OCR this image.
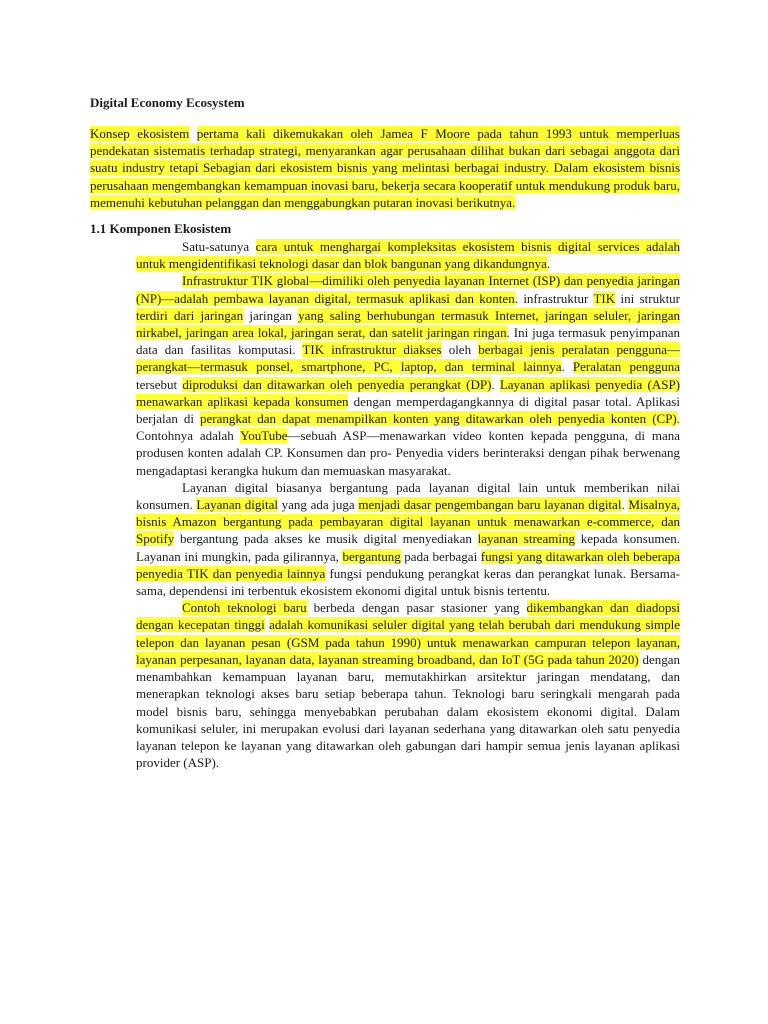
Digital Economy Ecosystem

Konsep ekosistem pertama kali dikemukakan oleh Jamea F Moore pada tahun 1993 untuk memperluas pendekatan sistematis terhadap strategi, menyarankan agar perusahaan dilihat bukan dari sebagai anggota dari suatu industry tetapi Sebagian dari ekosistem bisnis yang melintasi berbagai industry. Dalam ekosistem bisnis perusahaan mengembangkan kemampuan inovasi baru, bekerja secara kooperatif untuk mendukung produk baru, memenuhi kebutuhan pelanggan dan menggabungkan putaran inovasi berikutnya.

1.1 Komponen Ekosistem

Satu-satunya cara untuk menghargai kompleksitas ekosistem bisnis digital services adalah untuk mengidentifikasi teknologi dasar dan blok bangunan yang dikandungnya.

Infrastruktur TIK global—dimiliki oleh penyedia layanan Internet (ISP) dan penyedia jaringan (NP)—adalah pembawa layanan digital, termasuk aplikasi dan konten. infrastruktur TIK ini struktur terdiri dari jaringan jaringan yang saling berhubungan termasuk Internet, jaringan seluler, jaringan nirkabel, jaringan area lokal, jaringan serat, dan satelit jaringan ringan. Ini juga termasuk penyimpanan data dan fasilitas komputasi. TIK infrastruktur diakses oleh berbagai jenis peralatan pengguna—perangkat—termasuk ponsel, smartphone, PC, laptop, dan terminal lainnya. Peralatan pengguna tersebut diproduksi dan ditawarkan oleh penyedia perangkat (DP). Layanan aplikasi penyedia (ASP) menawarkan aplikasi kepada konsumen dengan memperdagangkannya di digital pasar total. Aplikasi berjalan di perangkat dan dapat menampilkan konten yang ditawarkan oleh penyedia konten (CP). Contohnya adalah YouTube—sebuah ASP—menawarkan video konten kepada pengguna, di mana produsen konten adalah CP. Konsumen dan pro- Penyedia viders berinteraksi dengan pihak berwenang mengadaptasi kerangka hukum dan memuaskan masyarakat.

Layanan digital biasanya bergantung pada layanan digital lain untuk memberikan nilai konsumen. Layanan digital yang ada juga menjadi dasar pengembangan baru layanan digital. Misalnya, bisnis Amazon bergantung pada pembayaran digital layanan untuk menawarkan e-commerce, dan Spotify bergantung pada akses ke musik digital menyediakan layanan streaming kepada konsumen. Layanan ini mungkin, pada gilirannya, bergantung pada berbagai fungsi yang ditawarkan oleh beberapa penyedia TIK dan penyedia lainnya fungsi pendukung perangkat keras dan perangkat lunak. Bersama-sama, dependensi ini terbentuk ekosistem ekonomi digital untuk bisnis tertentu.

Contoh teknologi baru berbeda dengan pasar stasioner yang dikembangkan dan diadopsi dengan kecepatan tinggi adalah komunikasi seluler digital yang telah berubah dari mendukung simple telepon dan layanan pesan (GSM pada tahun 1990) untuk menawarkan campuran telepon layanan, layanan perpesanan, layanan data, layanan streaming broadband, dan IoT (5G pada tahun 2020) dengan menambahkan kemampuan layanan baru, memutakhirkan arsitektur jaringan mendatang, dan menerapkan teknologi akses baru setiap beberapa tahun. Teknologi baru seringkali mengarah pada model bisnis baru, sehingga menyebabkan perubahan dalam ekosistem ekonomi digital. Dalam komunikasi seluler, ini merupakan evolusi dari layanan sederhana yang ditawarkan oleh satu penyedia layanan telepon ke layanan yang ditawarkan oleh gabungan dari hampir semua jenis layanan aplikasi provider (ASP).
